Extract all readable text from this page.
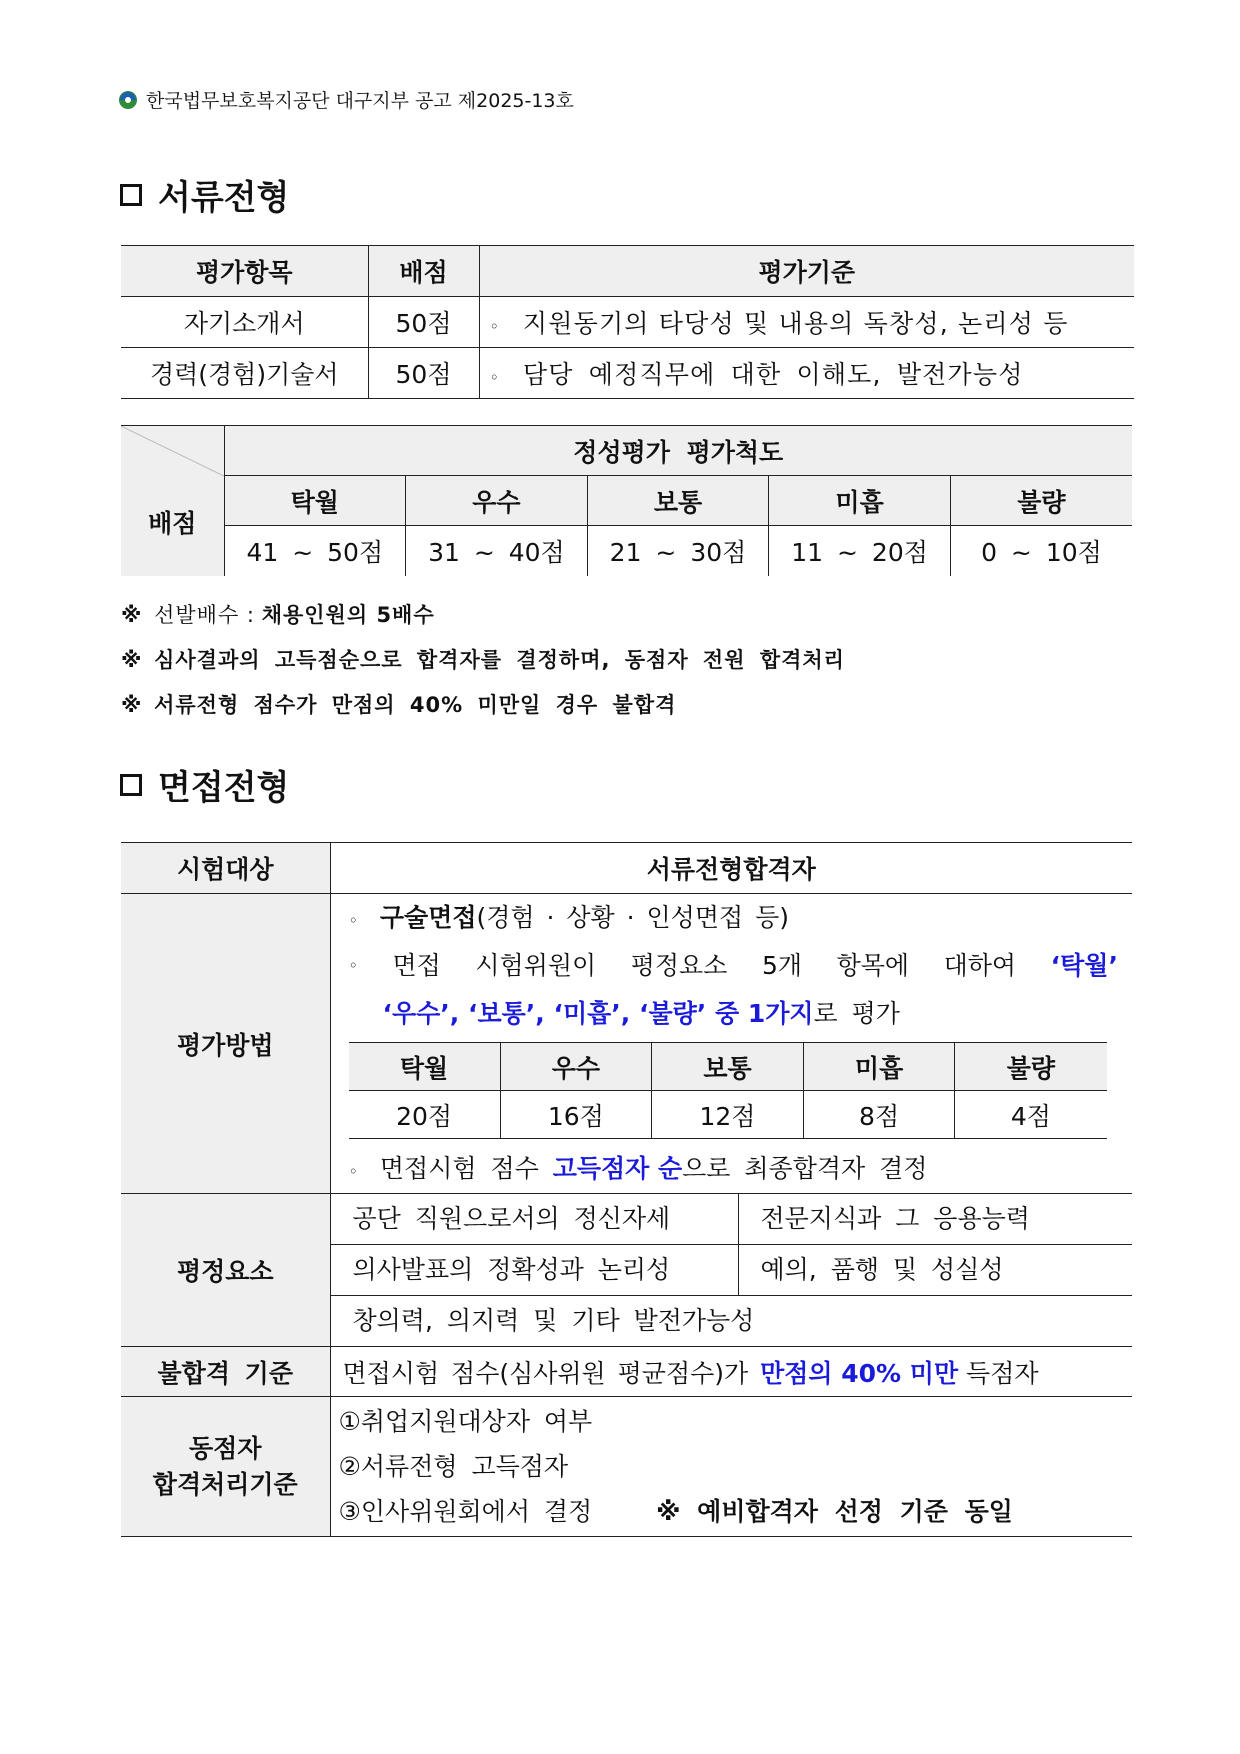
한국법무보호복지공단 대구지부 공고 제2025-13호
서류전형
평가항목	배점	평가기준
자기소개서	50점	◦ 지원동기의 타당성 및 내용의 독창성, 논리성 등
경력(경험)기술서	50점	◦ 담당 예정직무에 대한 이해도, 발전가능성
배점	정성평가 평가척도				
	탁월	우수	보통	미흡	불량
	41 ~ 50점	31 ~ 40점	21 ~ 30점	11 ~ 20점	0 ~ 10점
※ 선발배수 : 채용인원의 5배수
※ 심사결과의 고득점순으로 합격자를 결정하며, 동점자 전원 합격처리
※ 서류전형 점수가 만점의 40% 미만일 경우 불합격
면접전형
시험대상	서류전형합격자
평가방법	
◦ 구술면접(경험 · 상황 · 인성면접 등)
◦ 면접 시험위원이 평정요소 5개 항목에 대하여 ‘탁월’
‘우수’, ‘보통’, ‘미흡’, ‘불량’ 중 1가지로 평가
탁월	우수	보통	미흡	불량
20점	16점	12점	8점	4점
◦ 면접시험 점수 고득점자 순으로 최종합격자 결정

평정요소	
공단 직원으로서의 정신자세	전문지식과 그 응용능력
의사발표의 정확성과 논리성	예의, 품행 및 성실성
창의력, 의지력 및 기타 발전가능성

불합격 기준	면접시험 점수(심사위원 평균점수)가 만점의 40% 미만 득점자

동점자
합격처리기준

①취업지원대상자 여부
②서류전형 고득점자
③인사위원회에서 결정	※ 예비합격자 선정 기준 동일
